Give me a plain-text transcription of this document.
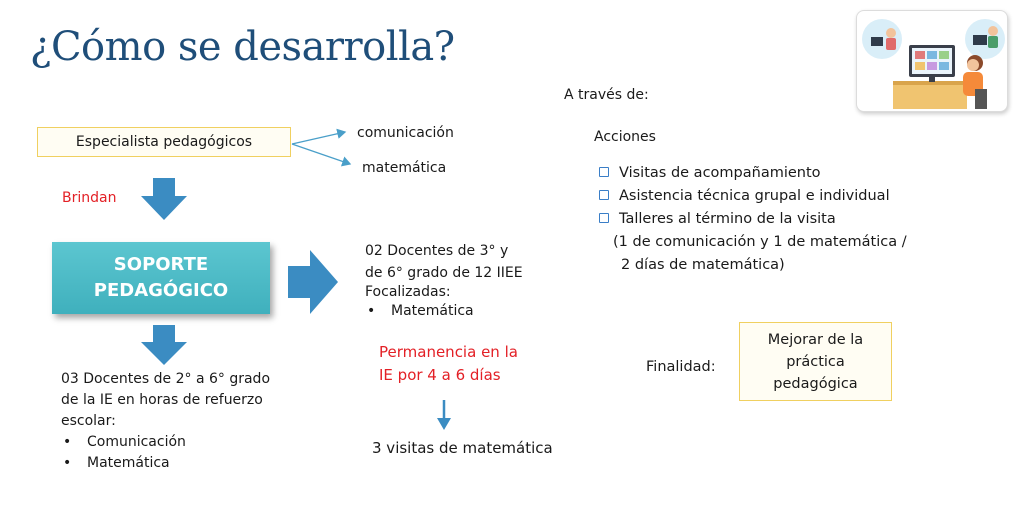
¿Cómo se desarrolla?
Especialista pedagógicos
comunicación
matemática
Brindan
SOPORTE
PEDAGÓGICO
03 Docentes de 2° a 6° grado
de la IE en horas de refuerzo
escolar:
• Comunicación
• Matemática
02 Docentes de 3° y
de 6° grado de 12 IIEE
Focalizadas:
• Matemática
Permanencia en la
IE por 4 a 6 días
3 visitas de matemática
A través de:
Acciones
Visitas de acompañamiento
Asistencia técnica grupal e individual
Talleres al término de la visita
(1 de comunicación y 1 de matemática /
2 días de matemática)
Finalidad:
Mejorar de la
práctica
pedagógica
